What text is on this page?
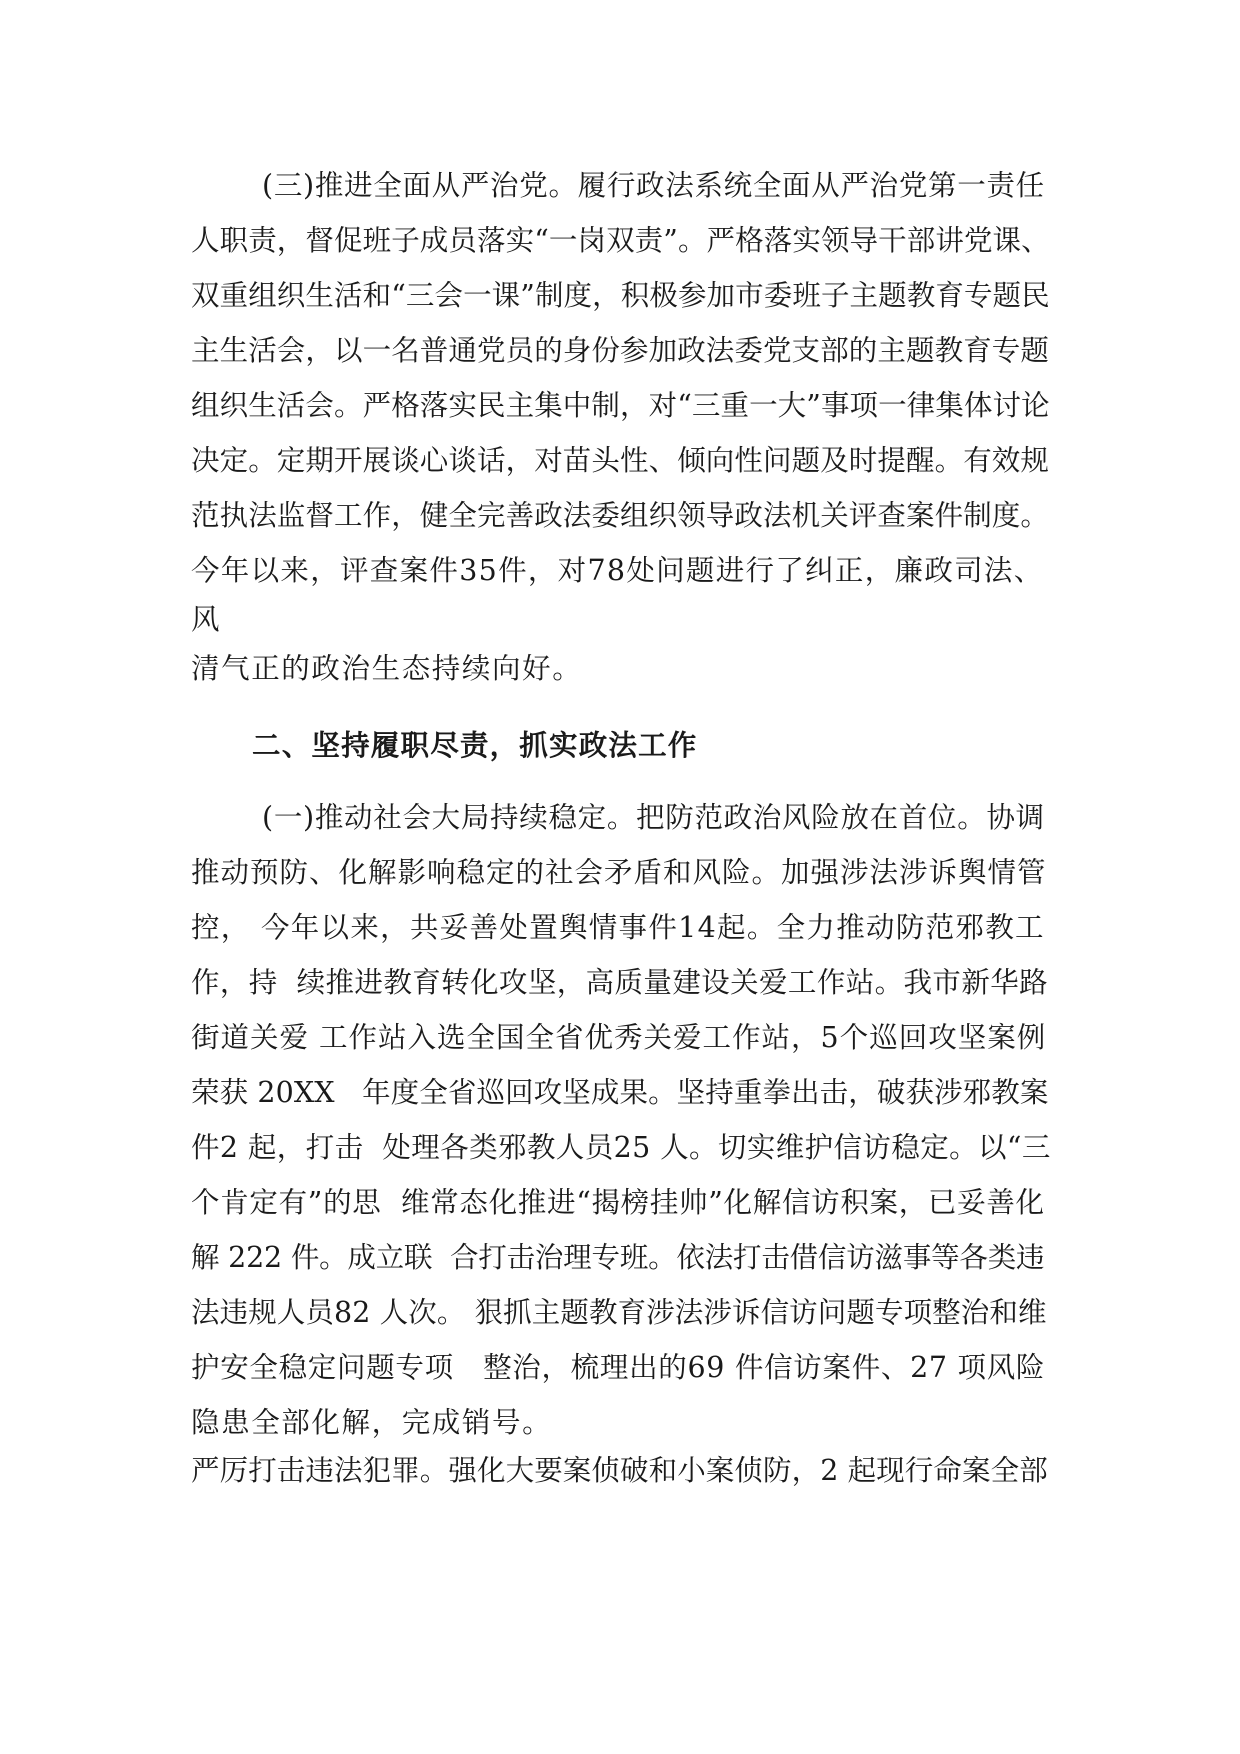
(三)推进全面从严治党。履行政法系统全面从严治党第一责任

人职责，督促班子成员落实“一岗双责”。严格落实领导干部讲党课、

双重组织生活和“三会一课”制度，积极参加市委班子主题教育专题民

主生活会，以一名普通党员的身份参加政法委党支部的主题教育专题

组织生活会。严格落实民主集中制，对“三重一大”事项一律集体讨论

决定。定期开展谈心谈话，对苗头性、倾向性问题及时提醒。有效规

范执法监督工作，健全完善政法委组织领导政法机关评查案件制度。

今年以来，评查案件35件，对78处问题进行了纠正，廉政司法、

风

清气正的政治生态持续向好。

二、坚持履职尽责，抓实政法工作

(一)推动社会大局持续稳定。把防范政治风险放在首位。协调

推动预防、化解影响稳定的社会矛盾和风险。加强涉法涉诉舆情管

控， 今年以来，共妥善处置舆情事件14起。全力推动防范邪教工

作，持  续推进教育转化攻坚，高质量建设关爱工作站。我市新华路

街道关爱 工作站入选全国全省优秀关爱工作站，5个巡回攻坚案例

荣获 20XX   年度全省巡回攻坚成果。坚持重拳出击，破获涉邪教案

件2 起，打击  处理各类邪教人员25 人。切实维护信访稳定。以“三

个肯定有”的思  维常态化推进“揭榜挂帅”化解信访积案，已妥善化

解 222 件。成立联  合打击治理专班。依法打击借信访滋事等各类违

法违规人员82 人次。 狠抓主题教育涉法涉诉信访问题专项整治和维

护安全稳定问题专项   整治，梳理出的69 件信访案件、27 项风险

隐患全部化解，完成销号。

严厉打击违法犯罪。强化大要案侦破和小案侦防，2 起现行命案全部
